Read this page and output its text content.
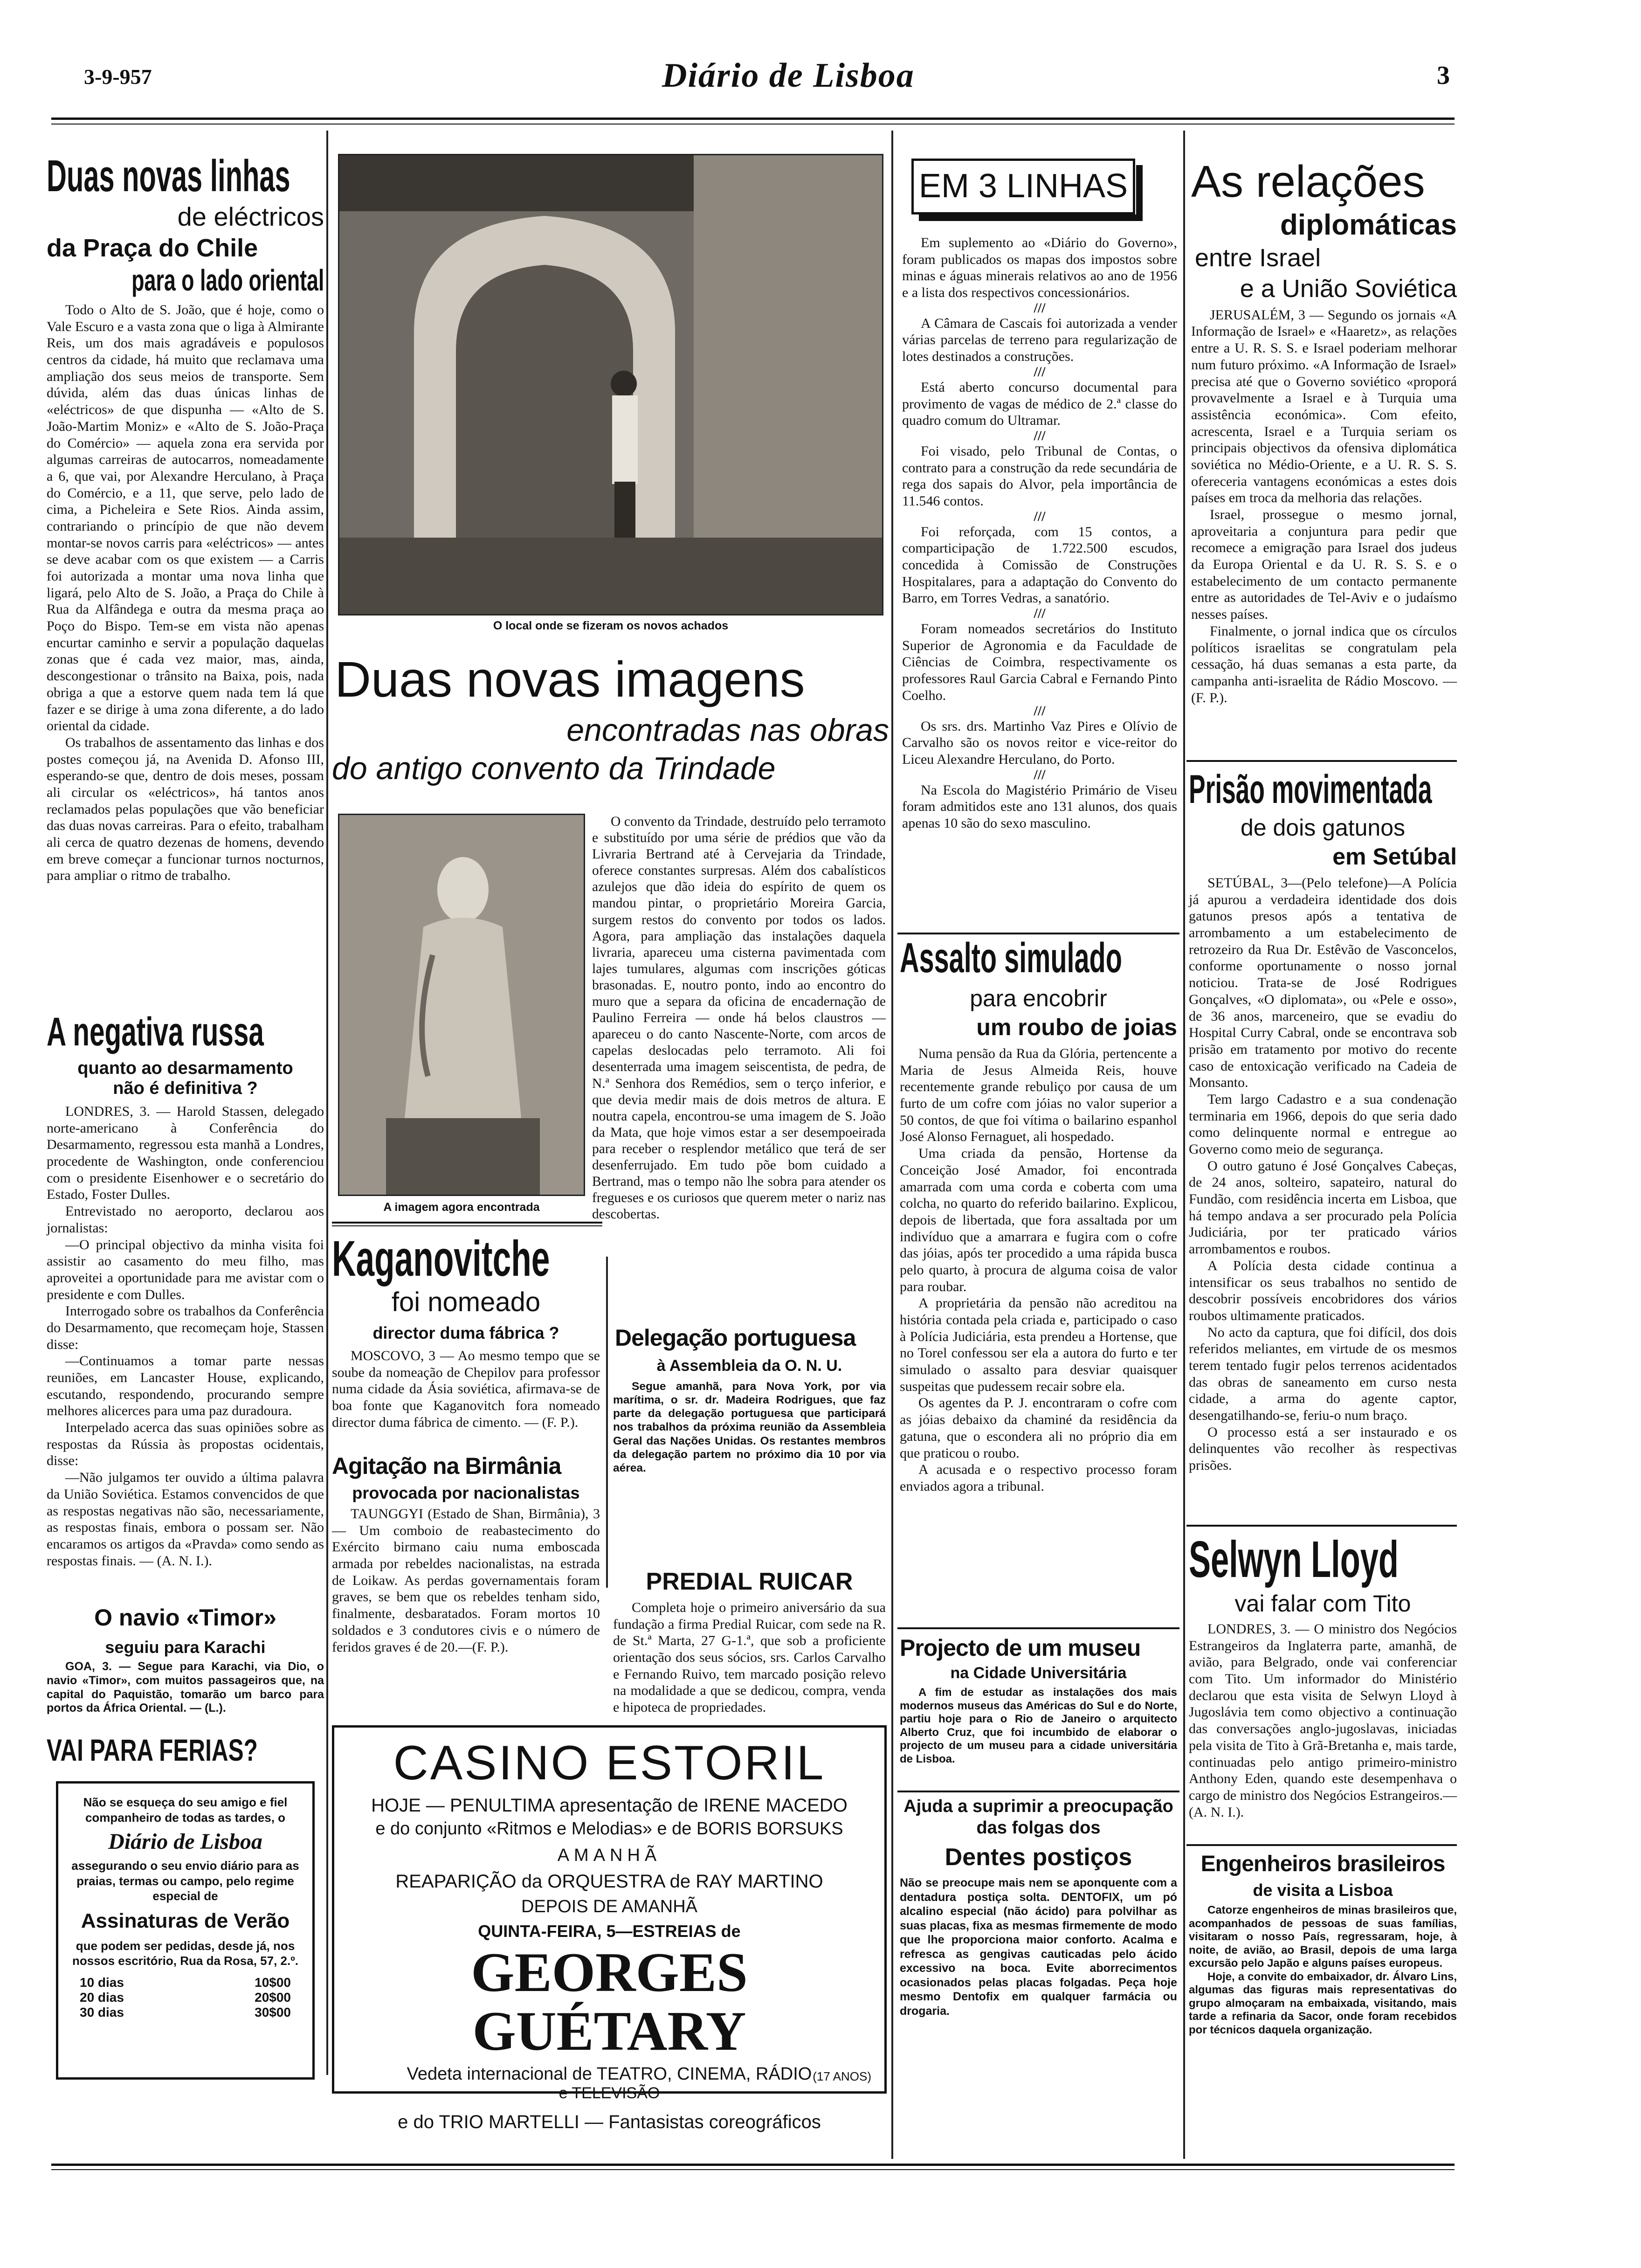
3-9-957	Diário de Lisboa	3
Duas novas linhas
de eléctricos
da Praça do Chile
para o lado oriental

Todo o Alto de S. João, que é hoje, como o Vale Escuro e a vasta zona que o liga à Almirante Reis, um dos mais agradáveis e populosos centros da cidade, há muito que reclamava uma ampliação dos seus meios de transporte. Sem dúvida, além das duas únicas linhas de «eléctricos» de que dispunha — «Alto de S. João-Martim Moniz» e «Alto de S. João-Praça do Comércio» — aquela zona era servida por algumas carreiras de autocarros, nomeadamente a 6, que vai, por Alexandre Herculano, à Praça do Comércio, e a 11, que serve, pelo lado de cima, a Picheleira e Sete Rios. Ainda assim, contrariando o princípio de que não devem montar-se novos carris para «eléctricos» — antes se deve acabar com os que existem — a Carris foi autorizada a montar uma nova linha que ligará, pelo Alto de S. João, a Praça do Chile à Rua da Alfândega e outra da mesma praça ao Poço do Bispo. Tem-se em vista não apenas encurtar caminho e servir a população daquelas zonas que é cada vez maior, mas, ainda, descongestionar o trânsito na Baixa, pois, nada obriga a que a estorve quem nada tem lá que fazer e se dirige à uma zona diferente, a do lado oriental da cidade.

Os trabalhos de assentamento das linhas e dos postes começou já, na Avenida D. Afonso III, esperando-se que, dentro de dois meses, possam ali circular os «eléctricos», há tantos anos reclamados pelas populações que vão beneficiar das duas novas carreiras. Para o efeito, trabalham ali cerca de quatro dezenas de homens, devendo em breve começar a funcionar turnos nocturnos, para ampliar o ritmo de trabalho.

A negativa russa
quanto ao desarmamento não é definitiva ?

LONDRES, 3. — Harold Stassen, delegado norte-americano à Conferência do Desarmamento, regressou esta manhã a Londres, procedente de Washington, onde conferenciou com o presidente Eisenhower e o secretário do Estado, Foster Dulles.

Entrevistado no aeroporto, declarou aos jornalistas:

—O principal objectivo da minha visita foi assistir ao casamento do meu filho, mas aproveitei a oportunidade para me avistar com o presidente e com Dulles.

Interrogado sobre os trabalhos da Conferência do Desarmamento, que recomeçam hoje, Stassen disse:

—Continuamos a tomar parte nessas reuniões, em Lancaster House, explicando, escutando, respondendo, procurando sempre melhores alicerces para uma paz duradoura.

Interpelado acerca das suas opiniões sobre as respostas da Rússia às propostas ocidentais, disse:

—Não julgamos ter ouvido a última palavra da União Soviética. Estamos convencidos de que as respostas negativas não são, necessariamente, as respostas finais, embora o possam ser. Não encaramos os artigos da «Pravda» como sendo as respostas finais. — (A. N. I.).

O navio «Timor»
seguiu para Karachi

GOA, 3. — Segue para Karachi, via Dio, o navio «Timor», com muitos passageiros que, na capital do Paquistão, tomarão um barco para portos da África Oriental. — (L.).

VAI PARA FERIAS?

Não se esqueça do seu amigo e fiel companheiro de todas as tardes, o

Diário de Lisboa

assegurando o seu envio diário para as praias, termas ou campo, pelo regime especial de

Assinaturas de Verão

que podem ser pedidas, desde já, nos nossos escritório, Rua da Rosa, 57, 2.º.

10 dias	10$00
20 dias	20$00
30 dias	30$00
O local onde se fizeram os novos achados
Duas novas imagens
encontradas nas obras
do antigo convento da Trindade
A imagem agora encontrada

O convento da Trindade, destruído pelo terramoto e substituído por uma série de prédios que vão da Livraria Bertrand até à Cervejaria da Trindade, oferece constantes surpresas. Além dos cabalísticos azulejos que dão ideia do espírito de quem os mandou pintar, o proprietário Moreira Garcia, surgem restos do convento por todos os lados. Agora, para ampliação das instalações daquela livraria, apareceu uma cisterna pavimentada com lajes tumulares, algumas com inscrições góticas brasonadas. E, noutro ponto, indo ao encontro do muro que a separa da oficina de encadernação de Paulino Ferreira — onde há belos claustros — apareceu o do canto Nascente-Norte, com arcos de capelas deslocadas pelo terramoto. Ali foi desenterrada uma imagem seiscentista, de pedra, de N.ª Senhora dos Remédios, sem o terço inferior, e que devia medir mais de dois metros de altura. E noutra capela, encontrou-se uma imagem de S. João da Mata, que hoje vimos estar a ser desempoeirada para receber o resplendor metálico que terá de ser desenferrujado. Em tudo põe bom cuidado a Bertrand, mas o tempo não lhe sobra para atender os fregueses e os curiosos que querem meter o nariz nas descobertas.

Kaganovitche
foi nomeado
director duma fábrica ?

MOSCOVO, 3 — Ao mesmo tempo que se soube da nomeação de Chepilov para professor numa cidade da Ásia soviética, afirmava-se de boa fonte que Kaganovitch fora nomeado director duma fábrica de cimento. — (F. P.).

Agitação na Birmânia
provocada por nacionalistas

TAUNGGYI (Estado de Shan, Birmânia), 3 — Um comboio de reabastecimento do Exército birmano caiu numa emboscada armada por rebeldes nacionalistas, na estrada de Loikaw. As perdas governamentais foram graves, se bem que os rebeldes tenham sido, finalmente, desbaratados. Foram mortos 10 soldados e 3 condutores civis e o número de feridos graves é de 20.—(F. P.).

Delegação portuguesa
à Assembleia da O. N. U.

Segue amanhã, para Nova York, por via marítima, o sr. dr. Madeira Rodrigues, que faz parte da delegação portuguesa que participará nos trabalhos da próxima reunião da Assembleia Geral das Nações Unidas. Os restantes membros da delegação partem no próximo dia 10 por via aérea.

PREDIAL RUICAR

Completa hoje o primeiro aniversário da sua fundação a firma Predial Ruicar, com sede na R. de St.ª Marta, 27 G-1.ª, que sob a proficiente orientação dos seus sócios, srs. Carlos Carvalho e Fernando Ruivo, tem marcado posição relevo na modalidade a que se dedicou, compra, venda e hipoteca de propriedades.

CASINO ESTORIL
HOJE — PENULTIMA apresentação de IRENE MACEDO
e do conjunto «Ritmos e Melodias» e de BORIS BORSUKS
AMANHÃ
REAPARIÇÃO da ORQUESTRA de RAY MARTINO
DEPOIS DE AMANHÃ
QUINTA-FEIRA, 5—ESTREIAS de
GEORGES GUÉTARY
Vedeta internacional de TEATRO, CINEMA, RÁDIO
e TELEVISÃO
e do TRIO MARTELLI — Fantasistas coreográficos
(17 ANOS)
EM 3 LINHAS

Em suplemento ao «Diário do Governo», foram publicados os mapas dos impostos sobre minas e águas minerais relativos ao ano de 1956 e a lista dos respectivos concessionários.

///

A Câmara de Cascais foi autorizada a vender várias parcelas de terreno para regularização de lotes destinados a construções.

///

Está aberto concurso documental para provimento de vagas de médico de 2.ª classe do quadro comum do Ultramar.

///

Foi visado, pelo Tribunal de Contas, o contrato para a construção da rede secundária de rega dos sapais do Alvor, pela importância de 11.546 contos.

///

Foi reforçada, com 15 contos, a comparticipação de 1.722.500 escudos, concedida à Comissão de Construções Hospitalares, para a adaptação do Convento do Barro, em Torres Vedras, a sanatório.

///

Foram nomeados secretários do Instituto Superior de Agronomia e da Faculdade de Ciências de Coimbra, respectivamente os professores Raul Garcia Cabral e Fernando Pinto Coelho.

///

Os srs. drs. Martinho Vaz Pires e Olívio de Carvalho são os novos reitor e vice-reitor do Liceu Alexandre Herculano, do Porto.

///

Na Escola do Magistério Primário de Viseu foram admitidos este ano 131 alunos, dos quais apenas 10 são do sexo masculino.

Assalto simulado
para encobrir
um roubo de joias

Numa pensão da Rua da Glória, pertencente a Maria de Jesus Almeida Reis, houve recentemente grande rebuliço por causa de um furto de um cofre com jóias no valor superior a 50 contos, de que foi vítima o bailarino espanhol José Alonso Fernaguet, ali hospedado.

Uma criada da pensão, Hortense da Conceição José Amador, foi encontrada amarrada com uma corda e coberta com uma colcha, no quarto do referido bailarino. Explicou, depois de libertada, que fora assaltada por um indivíduo que a amarrara e fugira com o cofre das jóias, após ter procedido a uma rápida busca pelo quarto, à procura de alguma coisa de valor para roubar.

A proprietária da pensão não acreditou na história contada pela criada e, participado o caso à Polícia Judiciária, esta prendeu a Hortense, que no Torel confessou ser ela a autora do furto e ter simulado o assalto para desviar quaisquer suspeitas que pudessem recair sobre ela.

Os agentes da P. J. encontraram o cofre com as jóias debaixo da chaminé da residência da gatuna, que o escondera ali no próprio dia em que praticou o roubo.

A acusada e o respectivo processo foram enviados agora a tribunal.

Projecto de um museu
na Cidade Universitária

A fim de estudar as instalações dos mais modernos museus das Américas do Sul e do Norte, partiu hoje para o Rio de Janeiro o arquitecto Alberto Cruz, que foi incumbido de elaborar o projecto de um museu para a cidade universitária de Lisboa.

Ajuda a suprimir a preocupação das folgas dos
Dentes postiços

Não se preocupe mais nem se aponquente com a dentadura postiça solta. DENTOFIX, um pó alcalino especial (não ácido) para polvilhar as suas placas, fixa as mesmas firmemente de modo que lhe proporciona maior conforto. Acalma e refresca as gengivas cauticadas pelo ácido excessivo na boca. Evite aborrecimentos ocasionados pelas placas folgadas. Peça hoje mesmo Dentofix em qualquer farmácia ou drogaria.

As relações
diplomáticas
entre Israel
e a União Soviética

JERUSALÉM, 3 — Segundo os jornais «A Informação de Israel» e «Haaretz», as relações entre a U. R. S. S. e Israel poderiam melhorar num futuro próximo. «A Informação de Israel» precisa até que o Governo soviético «proporá provavelmente a Israel e à Turquia uma assistência económica». Com efeito, acrescenta, Israel e a Turquia seriam os principais objectivos da ofensiva diplomática soviética no Médio-Oriente, e a U. R. S. S. ofereceria vantagens económicas a estes dois países em troca da melhoria das relações.

Israel, prossegue o mesmo jornal, aproveitaria a conjuntura para pedir que recomece a emigração para Israel dos judeus da Europa Oriental e da U. R. S. S. e o estabelecimento de um contacto permanente entre as autoridades de Tel-Aviv e o judaísmo nesses países.

Finalmente, o jornal indica que os círculos políticos israelitas se congratulam pela cessação, há duas semanas a esta parte, da campanha anti-israelita de Rádio Moscovo. — (F. P.).

Prisão movimentada
de dois gatunos
em Setúbal

SETÚBAL, 3—(Pelo telefone)—A Polícia já apurou a verdadeira identidade dos dois gatunos presos após a tentativa de arrombamento a um estabelecimento de retrozeiro da Rua Dr. Estêvão de Vasconcelos, conforme oportunamente o nosso jornal noticiou. Trata-se de José Rodrigues Gonçalves, «O diplomata», ou «Pele e osso», de 36 anos, marceneiro, que se evadiu do Hospital Curry Cabral, onde se encontrava sob prisão em tratamento por motivo do recente caso de entoxicação verificado na Cadeia de Monsanto.

Tem largo Cadastro e a sua condenação terminaria em 1966, depois do que seria dado como delinquente normal e entregue ao Governo como meio de segurança.

O outro gatuno é José Gonçalves Cabeças, de 24 anos, solteiro, sapateiro, natural do Fundão, com residência incerta em Lisboa, que há tempo andava a ser procurado pela Polícia Judiciária, por ter praticado vários arrombamentos e roubos.

A Polícia desta cidade continua a intensificar os seus trabalhos no sentido de descobrir possíveis encobridores dos vários roubos ultimamente praticados.

No acto da captura, que foi difícil, dos dois referidos meliantes, em virtude de os mesmos terem tentado fugir pelos terrenos acidentados das obras de saneamento em curso nesta cidade, a arma do agente captor, desengatilhando-se, feriu-o num braço.

O processo está a ser instaurado e os delinquentes vão recolher às respectivas prisões.

Selwyn Lloyd
vai falar com Tito

LONDRES, 3. — O ministro dos Negócios Estrangeiros da Inglaterra parte, amanhã, de avião, para Belgrado, onde vai conferenciar com Tito. Um informador do Ministério declarou que esta visita de Selwyn Lloyd à Jugoslávia tem como objectivo a continuação das conversações anglo-jugoslavas, iniciadas pela visita de Tito à Grã-Bretanha e, mais tarde, continuadas pelo antigo primeiro-ministro Anthony Eden, quando este desempenhava o cargo de ministro dos Negócios Estrangeiros.—(A. N. I.).

Engenheiros brasileiros
de visita a Lisboa

Catorze engenheiros de minas brasileiros que, acompanhados de pessoas de suas famílias, visitaram o nosso País, regressaram, hoje, à noite, de avião, ao Brasil, depois de uma larga excursão pelo Japão e alguns países europeus.

Hoje, a convite do embaixador, dr. Álvaro Lins, algumas das figuras mais representativas do grupo almoçaram na embaixada, visitando, mais tarde a refinaria da Sacor, onde foram recebidos por técnicos daquela organização.
